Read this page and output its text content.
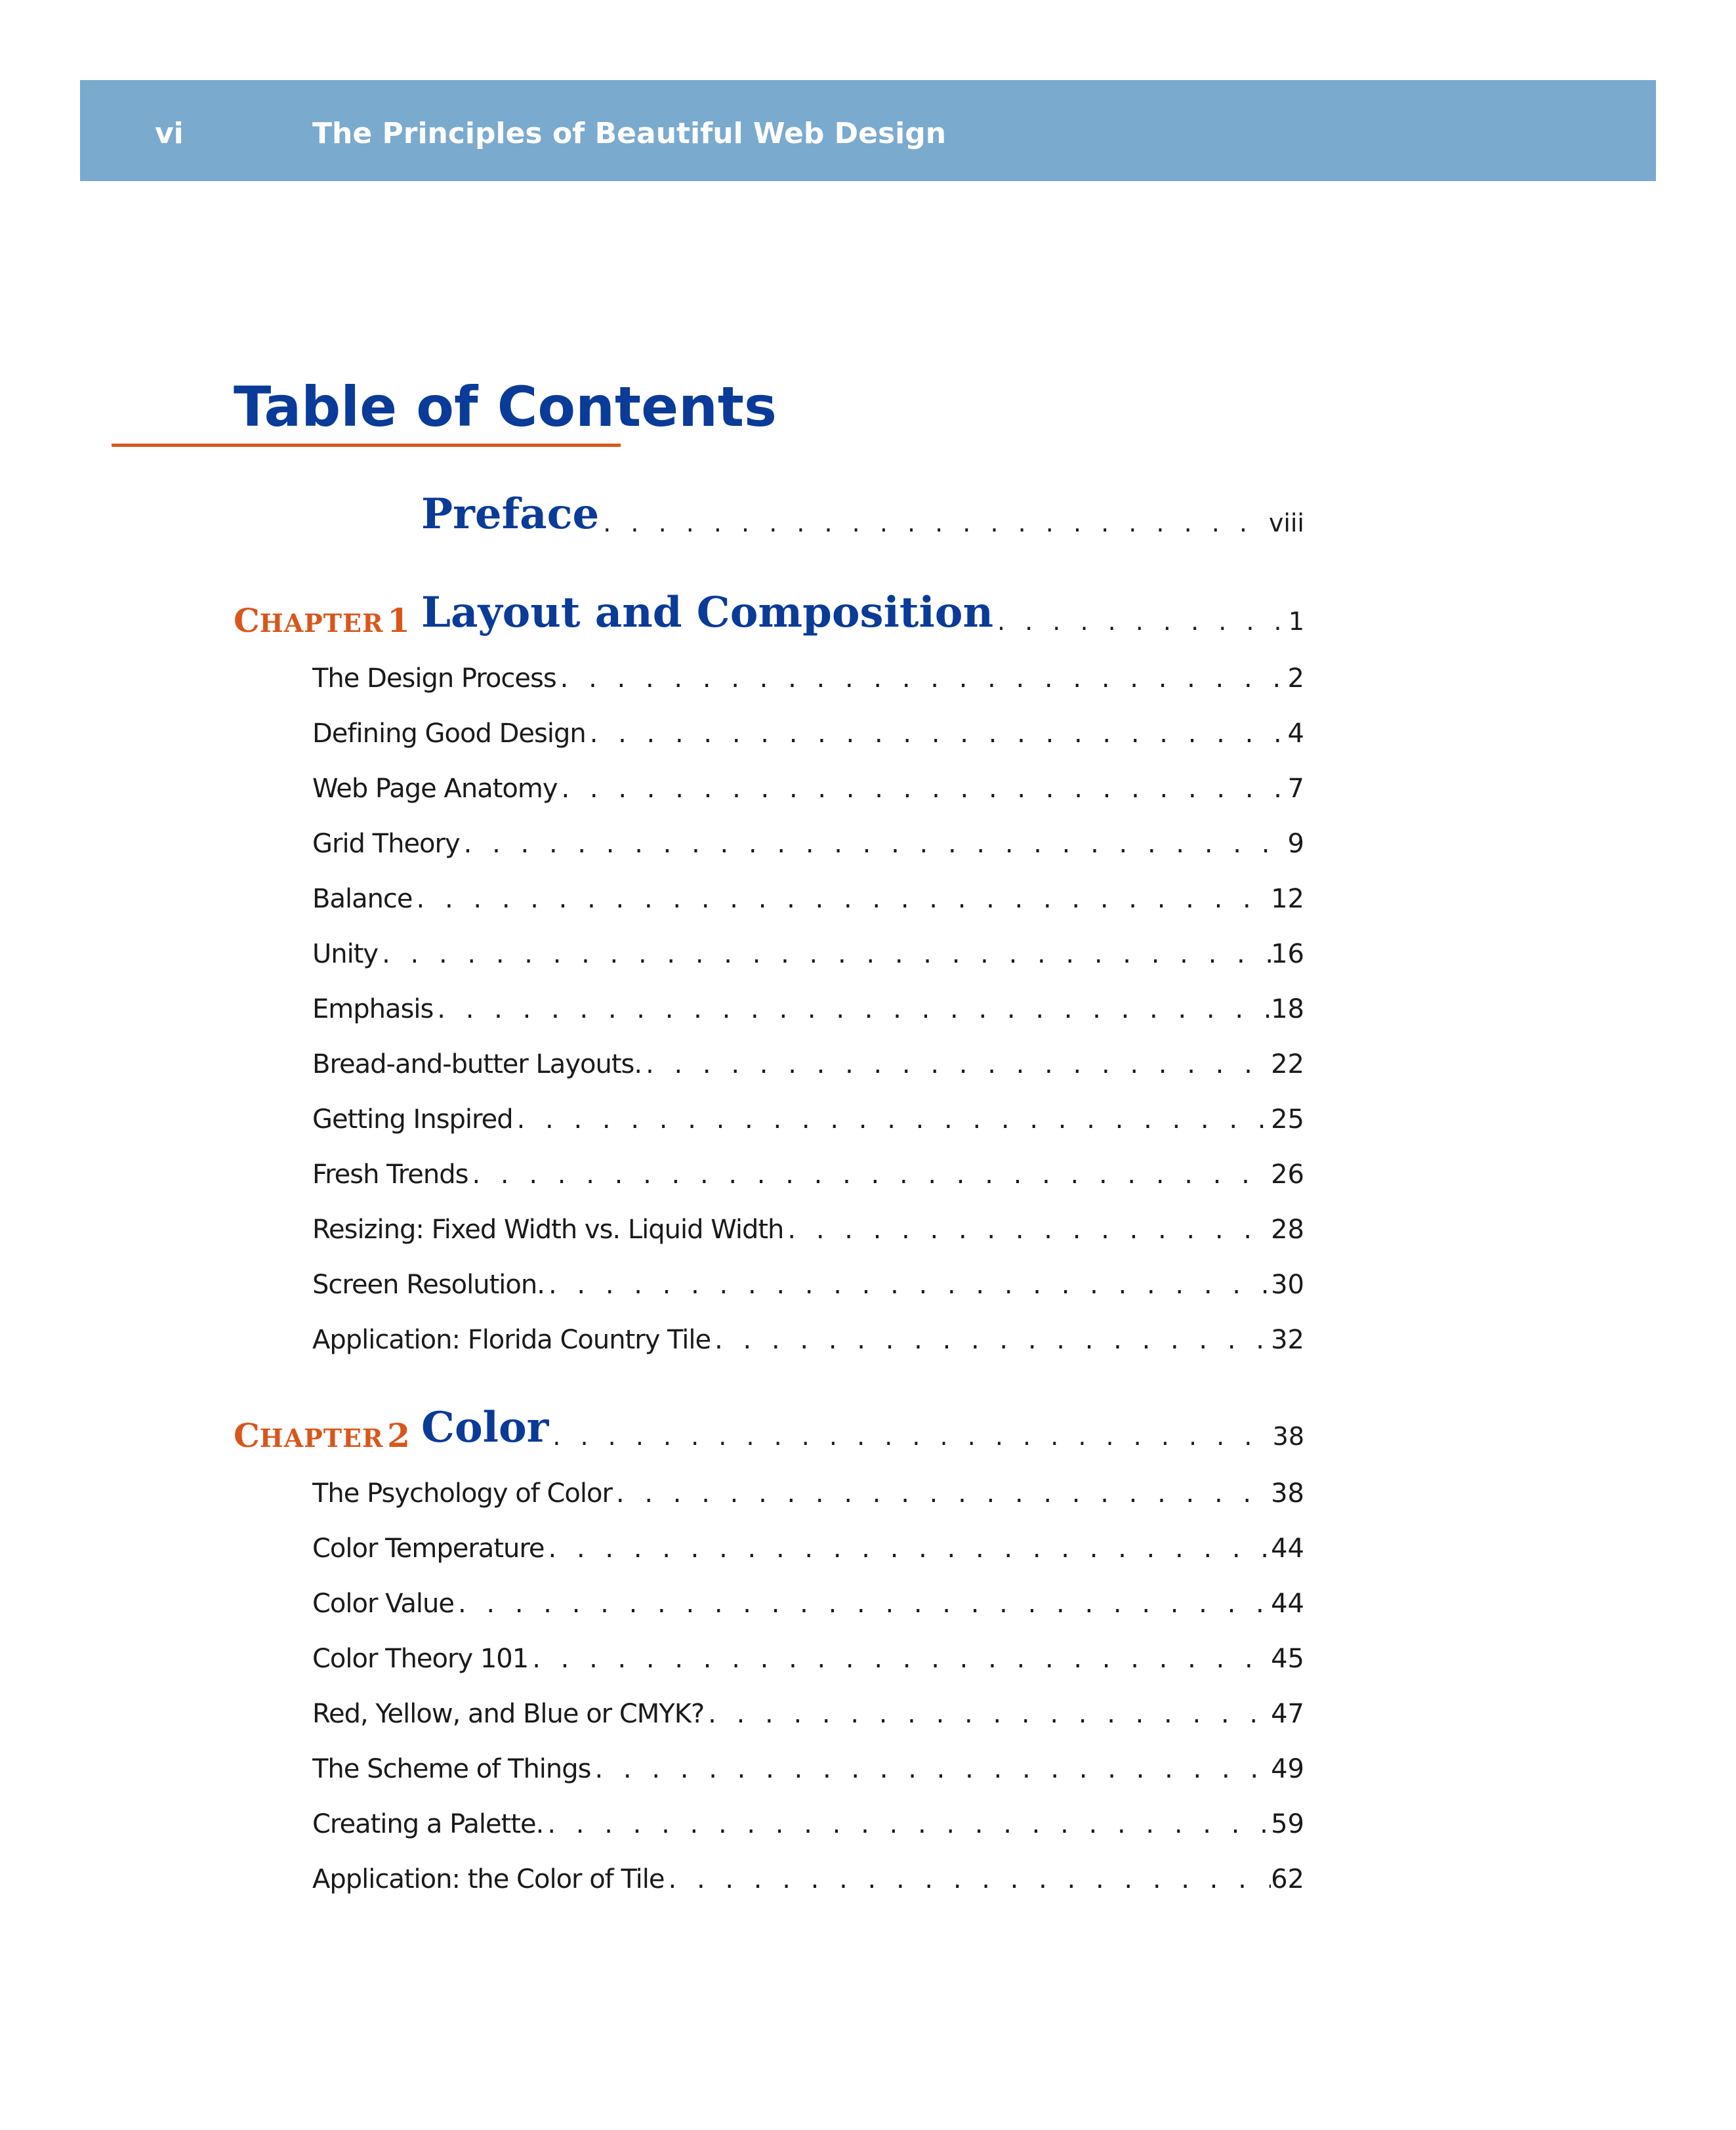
vi	The Principles of Beautiful Web Design
Table of Contents
Preface . . .	viii
CHAPTER 1 Layout and Composition . . .	1
The Design Process . . .	2
Defining Good Design . . .	4
Web Page Anatomy . . .	7
Grid Theory . . .	9
Balance . . .	12
Unity . . .	16
Emphasis . . .	18
Bread-and-butter Layouts. . . .	22
Getting Inspired . . .	25
Fresh Trends . . .	26
Resizing: Fixed Width vs. Liquid Width . . .	28
Screen Resolution. . . .	30
Application: Florida Country Tile . . .	32
CHAPTER 2 Color . . .	38
The Psychology of Color . . .	38
Color Temperature . . .	44
Color Value . . .	44
Color Theory 101 . . .	45
Red, Yellow, and Blue or CMYK? . . .	47
The Scheme of Things . . .	49
Creating a Palette. . . .	59
Application: the Color of Tile . . .	62
